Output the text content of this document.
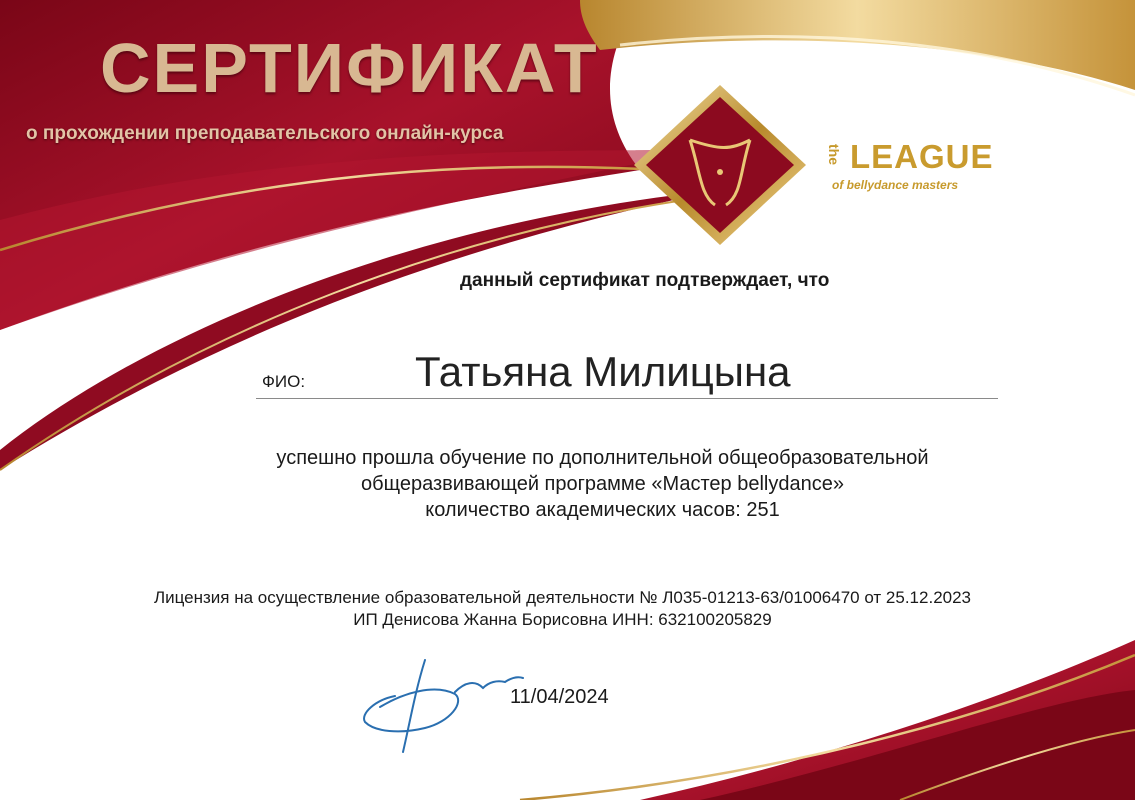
СЕРТИФИКАТ
о прохождении преподавательского онлайн-курса
the LEAGUE
of bellydance masters
данный сертификат подтверждает, что
ФИО:	Татьяна Милицына
успешно прошла обучение по дополнительной общеобразовательной
общеразвивающей программе «Мастер bellydance»
количество академических часов: 251
Лицензия на осуществление образовательной деятельности № Л035-01213-63/01006470 от 25.12.2023
ИП Денисова Жанна Борисовна ИНН: 632100205829
11/04/2024
